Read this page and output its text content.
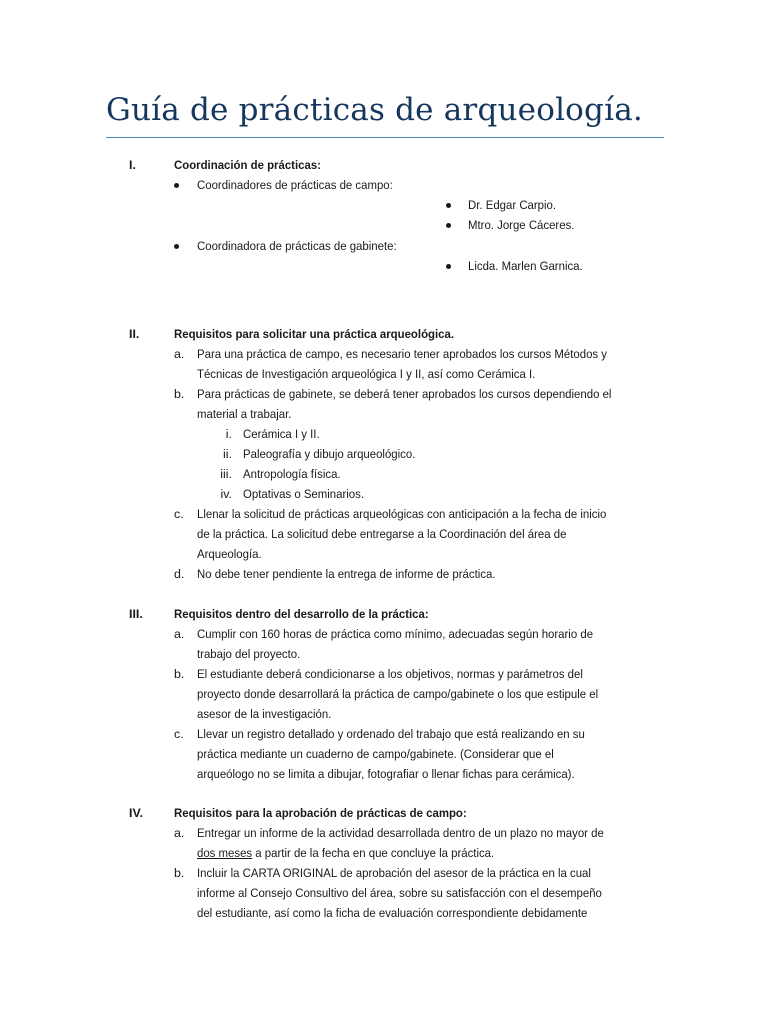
Guía de prácticas de arqueología.
I.	Coordinación de prácticas:
Coordinadores de prácticas de campo:
Dr. Edgar Carpio.
Mtro. Jorge Cáceres.
Coordinadora de prácticas de gabinete:
Licda. Marlen Garnica.
II.	Requisitos para solicitar una práctica arqueológica.
a. Para una práctica de campo, es necesario tener aprobados los cursos Métodos y
Técnicas de Investigación arqueológica I y II, así como Cerámica I.
b. Para prácticas de gabinete, se deberá tener aprobados los cursos dependiendo el
material a trabajar.
i. Cerámica I y II.
ii. Paleografía y dibujo arqueológico.
iii. Antropología física.
iv. Optativas o Seminarios.
c. Llenar la solicitud de prácticas arqueológicas con anticipación a la fecha de inicio
de la práctica. La solicitud debe entregarse a la Coordinación del área de
Arqueología.
d. No debe tener pendiente la entrega de informe de práctica.
III.	Requisitos dentro del desarrollo de la práctica:
a. Cumplir con 160 horas de práctica como mínimo, adecuadas según horario de
trabajo del proyecto.
b. El estudiante deberá condicionarse a los objetivos, normas y parámetros del
proyecto donde desarrollará la práctica de campo/gabinete o los que estipule el
asesor de la investigación.
c. Llevar un registro detallado y ordenado del trabajo que está realizando en su
práctica mediante un cuaderno de campo/gabinete. (Considerar que el
arqueólogo no se limita a dibujar, fotografiar o llenar fichas para cerámica).
IV. Requisitos para la aprobación de prácticas de campo:
a. Entregar un informe de la actividad desarrollada dentro de un plazo no mayor de
dos meses a partir de la fecha en que concluye la práctica.
b. Incluir la CARTA ORIGINAL de aprobación del asesor de la práctica en la cual
informe al Consejo Consultivo del área, sobre su satisfacción con el desempeño
del estudiante, así como la ficha de evaluación correspondiente debidamente
